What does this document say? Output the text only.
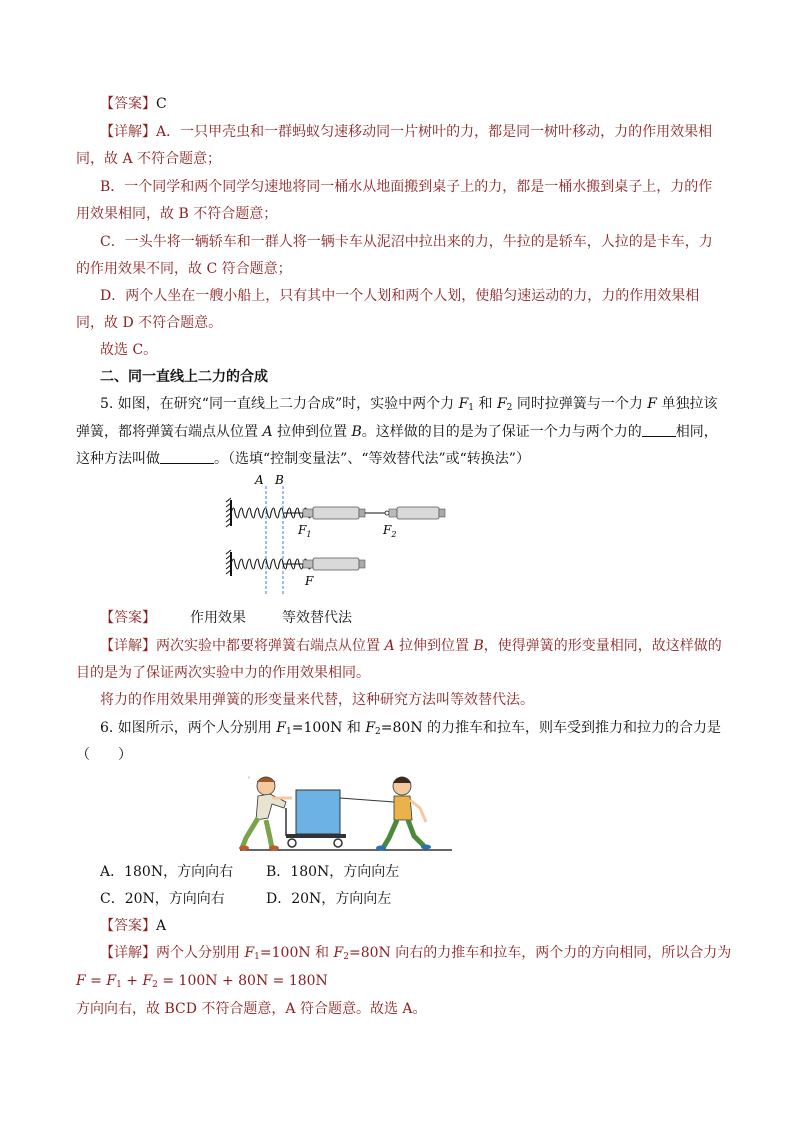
【答案】C
【详解】A．一只甲壳虫和一群蚂蚁匀速移动同一片树叶的力，都是同一树叶移动，力的作用效果相
同，故 A 不符合题意；
B．一个同学和两个同学匀速地将同一桶水从地面搬到桌子上的力，都是一桶水搬到桌子上，力的作
用效果相同，故 B 不符合题意；
C．一头牛将一辆轿车和一群人将一辆卡车从泥沼中拉出来的力，牛拉的是轿车，人拉的是卡车，力
的作用效果不同，故 C 符合题意；
D．两个人坐在一艘小船上，只有其中一个人划和两个人划，使船匀速运动的力，力的作用效果相
同，故 D 不符合题意。
故选 C。
二、同一直线上二力的合成
5. 如图，在研究“同一直线上二力合成”时，实验中两个力 $F_1$ 和 $F_2$ 同时拉弹簧与一个力 F 单独拉该
弹簧，都将弹簧右端点从位置 A 拉伸到位置 B。这样做的目的是为了保证一个力与两个力的 相同，
这种方法叫做	。（选填“控制变量法”、“等效替代法”或“转换法”）
A B
$F_1$	$F_2$
F
【答案】 作用效果	等效替代法
【详解】两次实验中都要将弹簧右端点从位置 A 拉伸到位置 B，使得弹簧的形变量相同，故这样做的
目的是为了保证两次实验中力的作用效果相同。
将力的作用效果用弹簧的形变量来代替，这种研究方法叫等效替代法。
6. 如图所示，两个人分别用 $F_1=100N$ 和 $F_2=80N$ 的力推车和拉车，则车受到推力和拉力的合力是
（　　）
'
A．180N，方向向右 B．180N，方向向左
C．20N，方向向右	D．20N，方向向左
【答案】A
【详解】两个人分别用 $F_1=100N$ 和 $F_2=80N$ 向右的力推车和拉车，两个力的方向相同，所以合力为
$F = F_1 + F_2 = 100N + 80N = 180N$
方向向右，故 BCD 不符合题意，A 符合题意。故选 A。
